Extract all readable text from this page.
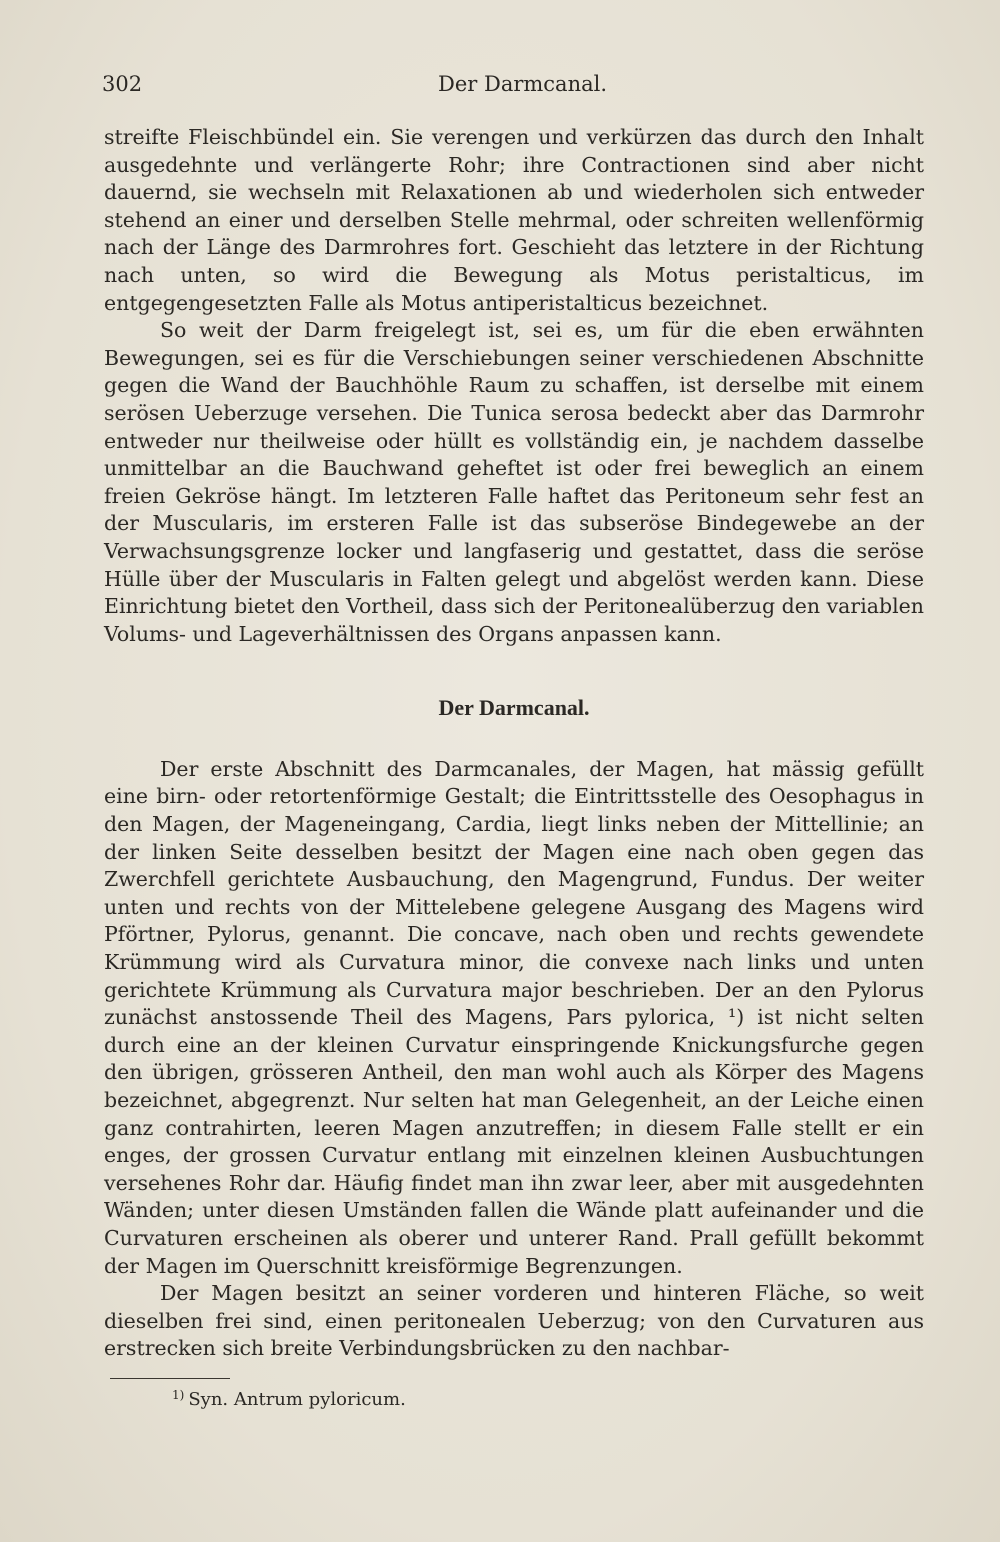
302	Der Darmcanal.

streifte Fleischbündel ein. Sie verengen und verkürzen das durch den Inhalt ausgedehnte und verlängerte Rohr; ihre Contractionen sind aber nicht dauernd, sie wechseln mit Relaxationen ab und wiederholen sich entweder stehend an einer und derselben Stelle mehrmal, oder schreiten wellenförmig nach der Länge des Darmrohres fort. Geschieht das letztere in der Richtung nach unten, so wird die Bewegung als Motus peristalticus, im entgegengesetzten Falle als Motus antiperistalticus bezeichnet.

So weit der Darm freigelegt ist, sei es, um für die eben erwähnten Bewegungen, sei es für die Verschiebungen seiner verschiedenen Abschnitte gegen die Wand der Bauchhöhle Raum zu schaffen, ist derselbe mit einem serösen Ueberzuge versehen. Die Tunica serosa bedeckt aber das Darmrohr entweder nur theilweise oder hüllt es vollständig ein, je nachdem dasselbe unmittelbar an die Bauchwand geheftet ist oder frei beweglich an einem freien Gekröse hängt. Im letzteren Falle haftet das Peritoneum sehr fest an der Muscularis, im ersteren Falle ist das subseröse Bindegewebe an der Verwachsungsgrenze locker und langfaserig und gestattet, dass die seröse Hülle über der Muscularis in Falten gelegt und abgelöst werden kann. Diese Einrichtung bietet den Vortheil, dass sich der Peritonealüberzug den variablen Volums- und Lageverhältnissen des Organs anpassen kann.

Der Darmcanal.

Der erste Abschnitt des Darmcanales, der Magen, hat mässig gefüllt eine birn- oder retortenförmige Gestalt; die Eintrittsstelle des Oesophagus in den Magen, der Mageneingang, Cardia, liegt links neben der Mittellinie; an der linken Seite desselben besitzt der Magen eine nach oben gegen das Zwerchfell gerichtete Ausbauchung, den Magengrund, Fundus. Der weiter unten und rechts von der Mittelebene gelegene Ausgang des Magens wird Pförtner, Pylorus, genannt. Die concave, nach oben und rechts gewendete Krümmung wird als Curvatura minor, die convexe nach links und unten gerichtete Krümmung als Curvatura major beschrieben. Der an den Pylorus zunächst anstossende Theil des Magens, Pars pylorica, ¹) ist nicht selten durch eine an der kleinen Curvatur einspringende Knickungsfurche gegen den übrigen, grösseren Antheil, den man wohl auch als Körper des Magens bezeichnet, abgegrenzt. Nur selten hat man Gelegenheit, an der Leiche einen ganz contrahirten, leeren Magen anzutreffen; in diesem Falle stellt er ein enges, der grossen Curvatur entlang mit einzelnen kleinen Ausbuchtungen versehenes Rohr dar. Häufig findet man ihn zwar leer, aber mit ausgedehnten Wänden; unter diesen Umständen fallen die Wände platt aufeinander und die Curvaturen erscheinen als oberer und unterer Rand. Prall gefüllt bekommt der Magen im Querschnitt kreisförmige Begrenzungen.

Der Magen besitzt an seiner vorderen und hinteren Fläche, so weit dieselben frei sind, einen peritonealen Ueberzug; von den Curvaturen aus erstrecken sich breite Verbindungsbrücken zu den nachbar-

$^{1)}$ Syn. Antrum pyloricum.
